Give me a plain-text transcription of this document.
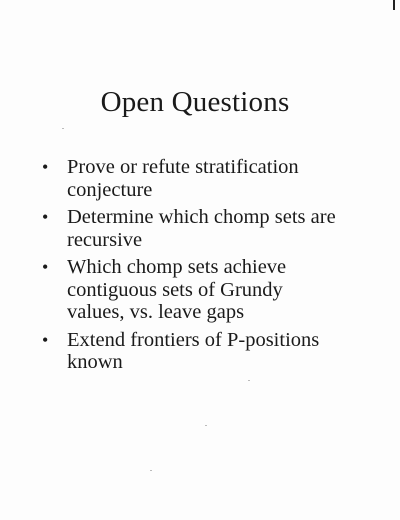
Open Questions
• Prove or refute stratification conjecture
• Determine which chomp sets are recursive
• Which chomp sets achieve contiguous sets of Grundy values, vs. leave gaps
• Extend frontiers of P-positions known
